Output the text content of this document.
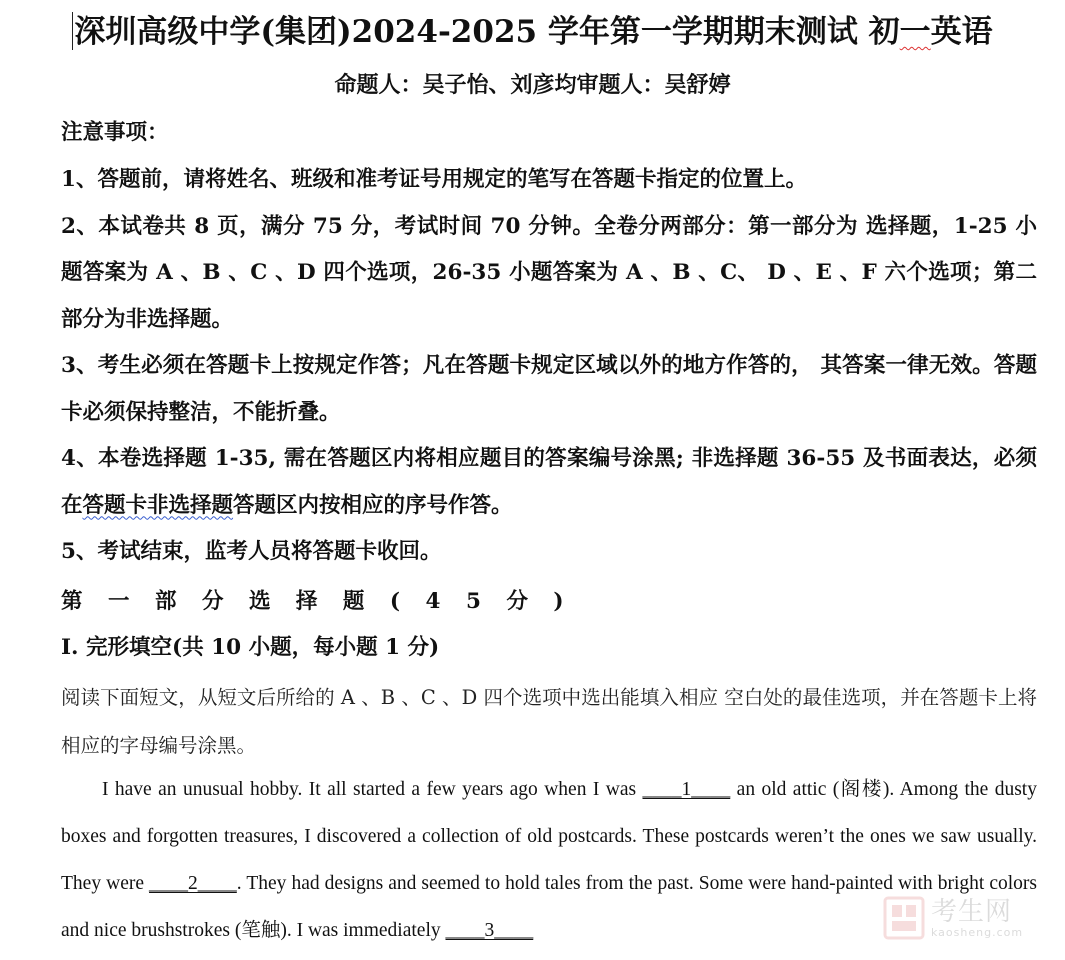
深圳高级中学(集团)2024-2025 学年第一学期期末测试 初一英语
命题人：吴子怡、刘彦均审题人：吴舒婷
注意事项：
1、答题前，请将姓名、班级和准考证号用规定的笔写在答题卡指定的位置上。
2、本试卷共 8 页，满分 75 分，考试时间 70 分钟。全卷分两部分：第一部分为 选择题，1-25 小题答案为 A 、B 、C 、D 四个选项，26-35 小题答案为 A 、B 、C、 D 、E 、F 六个选项；第二部分为非选择题。
3、考生必须在答题卡上按规定作答；凡在答题卡规定区域以外的地方作答的， 其答案一律无效。答题卡必须保持整洁，不能折叠。
4、本卷选择题 1-35, 需在答题区内将相应题目的答案编号涂黑; 非选择题 36-55 及书面表达，必须在答题卡非选择题答题区内按相应的序号作答。
5、考试结束，监考人员将答题卡收回。
第 一 部 分 选 择 题 ( 4 5 分 )
I. 完形填空(共 10 小题，每小题 1 分)
阅读下面短文，从短文后所给的 A 、B 、C 、D 四个选项中选出能填入相应 空白处的最佳选项，并在答题卡上将相应的字母编号涂黑。
I have an unusual hobby. It all started a few years ago when I was ____1____ an old attic (阁楼). Among the dusty boxes and forgotten treasures, I discovered a collection of old postcards. These postcards weren’t the ones we saw usually. They were ____2____. They had designs and seemed to hold tales from the past. Some were hand-painted with bright colors and nice brushstrokes (笔触). I was immediately ____3____
考生网
kaosheng.com
